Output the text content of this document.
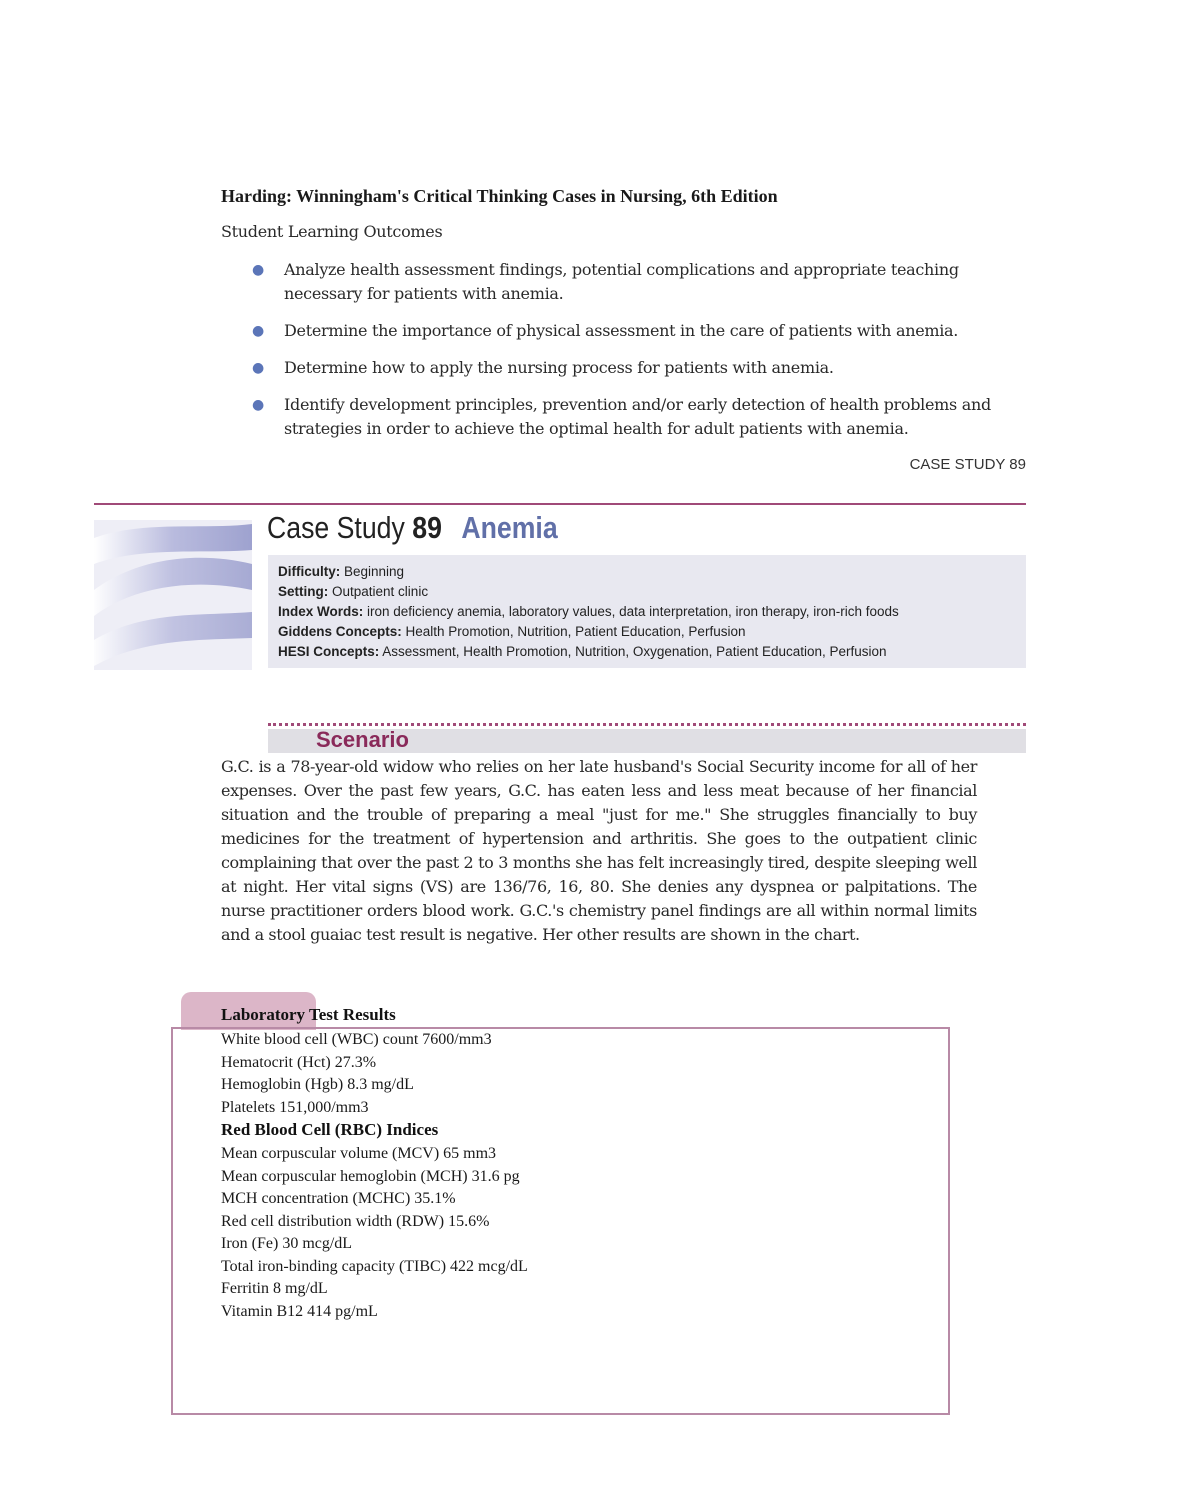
Harding: Winningham's Critical Thinking Cases in Nursing, 6th Edition
Student Learning Outcomes
● Analyze health assessment findings, potential complications and appropriate teaching necessary for patients with anemia.
● Determine the importance of physical assessment in the care of patients with anemia.
● Determine how to apply the nursing process for patients with anemia.
● Identify development principles, prevention and/or early detection of health problems and strategies in order to achieve the optimal health for adult patients with anemia.
CASE STUDY 89
Case Study 89 Anemia
Difficulty: Beginning
Setting: Outpatient clinic
Index Words: iron deficiency anemia, laboratory values, data interpretation, iron therapy, iron-rich foods
Giddens Concepts: Health Promotion, Nutrition, Patient Education, Perfusion
HESI Concepts: Assessment, Health Promotion, Nutrition, Oxygenation, Patient Education, Perfusion
Scenario

G.C. is a 78-year-old widow who relies on her late husband's Social Security income for all of her expenses. Over the past few years, G.C. has eaten less and less meat because of her financial situation and the trouble of preparing a meal "just for me." She struggles financially to buy medicines for the treatment of hypertension and arthritis. She goes to the outpatient clinic complaining that over the past 2 to 3 months she has felt increasingly tired, despite sleeping well at night. Her vital signs (VS) are 136/76, 16, 80. She denies any dyspnea or palpitations. The nurse practitioner orders blood work. G.C.'s chemistry panel findings are all within normal limits and a stool guaiac test result is negative. Her other results are shown in the chart.

Laboratory Test Results
White blood cell (WBC) count 7600/mm3
Hematocrit (Hct) 27.3%
Hemoglobin (Hgb) 8.3 mg/dL
Platelets 151,000/mm3
Red Blood Cell (RBC) Indices
Mean corpuscular volume (MCV) 65 mm3
Mean corpuscular hemoglobin (MCH) 31.6 pg
MCH concentration (MCHC) 35.1%
Red cell distribution width (RDW) 15.6%
Iron (Fe) 30 mcg/dL
Total iron-binding capacity (TIBC) 422 mcg/dL
Ferritin 8 mg/dL
Vitamin B12 414 pg/mL
